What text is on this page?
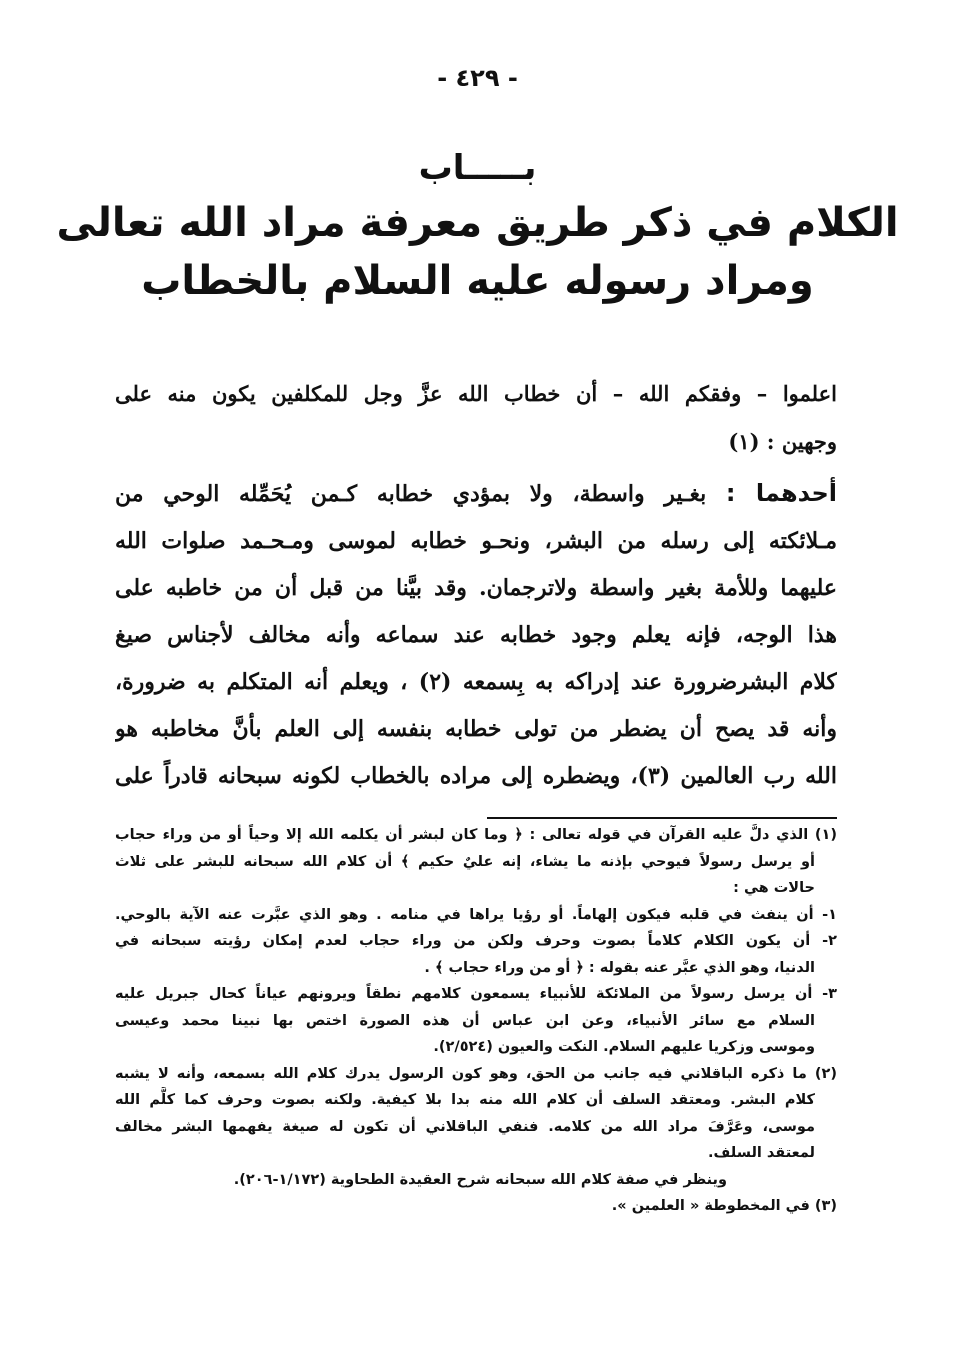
- ٤٢٩ -
بـــــاب
الكلام في ذكر طريق معرفة مراد الله تعالى
ومراد رسوله عليه السلام بالخطاب
اعلموا – وفقكم الله – أن خطاب الله عزَّ وجل للمكلفين يكون منه على
وجهين : (١)
أحدهما : بغـير واسطة، ولا بمؤدي خطابه كـمن يُحَمِّله الوحي من
مـلائكته إلى رسله من البشر، ونحـو خطابه لموسى ومـحـمد صلوات الله
عليهما وللأمة بغير واسطة ولاترجمان. وقد بيَّنا من قبل أن من خاطبه على
هذا الوجه، فإنه يعلم وجود خطابه عند سماعه وأنه مخالف لأجناس صيغ
كلام البشرضرورة عند إدراكه به بِسمعه (٢) ، ويعلم أنه المتكلم به ضرورة،
وأنه قد يصح أن يضطر من تولى خطابه بنفسه إلى العلم بأنَّ مخاطبه هو
الله رب العالمين (٣)، ويضطره إلى مراده بالخطاب لكونه سبحانه قادراً على
(١) الذي دلَّ عليه القرآن في قوله تعالى : ﴿ وما كان لبشر أن يكلمه الله إلا وحياً أو من وراء حجاب
أو يرسل رسولاً فيوحي بإذنه ما يشاء، إنه عليٌ حكيم ﴾ أن كلام الله سبحانه للبشر على ثلاث
حالات هي :
١- أن ينفث في قلبه فيكون إلهاماً. أو رؤيا يراها في منامه . وهو الذي عبَّرت عنه الآية بالوحي.
٢- أن يكون الكلام كلاماً بصوت وحرف ولكن من وراء حجاب لعدم إمكان رؤيته سبحانه في
الدنيا، وهو الذي عبَّر عنه بقوله : ﴿ أو من وراء حجاب ﴾ .
٣- أن يرسل رسولاً من الملائكة للأنبياء يسمعون كلامهم نطقاً ويرونهم عياناً كحال جبريل عليه
السلام مع سائر الأنبياء، وعن ابن عباس أن هذه الصورة اختص بها نبينا محمد وعيسى
وموسى وزكريا عليهم السلام. النكت والعيون (٢/٥٢٤).
(٢) ما ذكره الباقلاني فيه جانب من الحق، وهو كون الرسول يدرك كلام الله بسمعه، وأنه لا يشبه
كلام البشر. ومعتقد السلف أن كلام الله منه بدا بلا كيفية. ولكنه بصوت وحرف كما كلَّم الله
موسى، وعَرَّفَ مراد الله من كلامه. فنفي الباقلاني أن تكون له صيغة يفهمها البشر مخالف
لمعتقد السلف.
وينظر في صفة كلام الله سبحانه شرح العقيدة الطحاوية (١/١٧٢-٢٠٦).
(٣) في المخطوطة « العلمين ».
